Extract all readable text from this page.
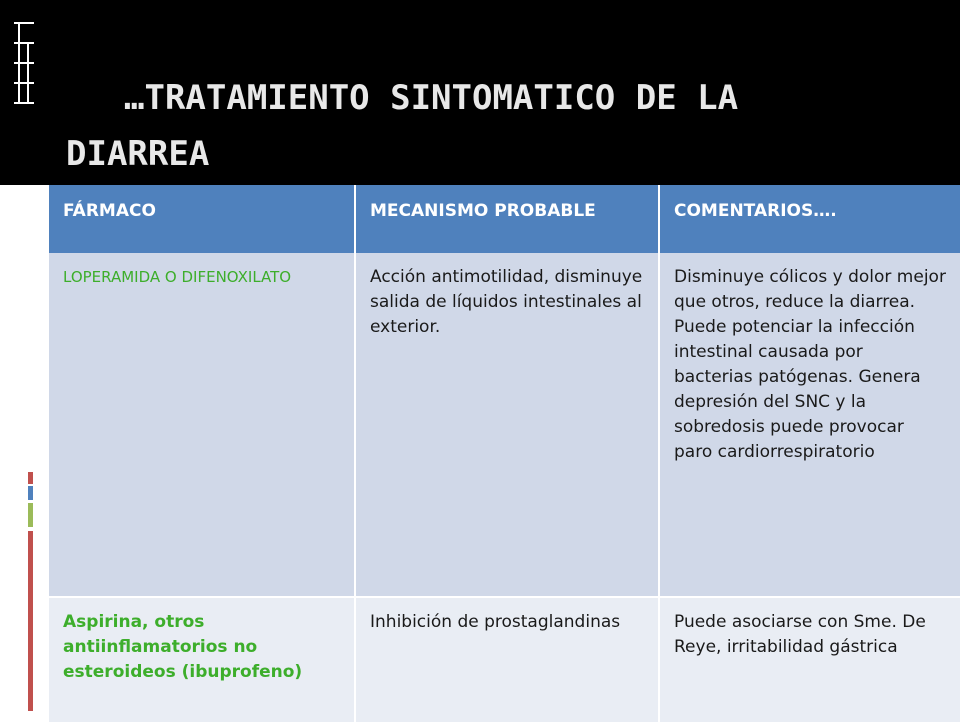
…TRATAMIENTO SINTOMATICO DE LA
DIARREA
FÁRMACO	MECANISMO PROBABLE	COMENTARIOS….
LOPERAMIDA O DIFENOXILATO	Acción antimotilidad, disminuye salida de líquidos intestinales al exterior.	Disminuye cólicos y dolor mejor que otros, reduce la diarrea. Puede potenciar la infección intestinal causada por bacterias patógenas. Genera depresión del SNC y la sobredosis puede provocar paro cardiorrespiratorio
Aspirina, otros antiinflamatorios no esteroideos (ibuprofeno)	Inhibición de prostaglandinas	Puede asociarse con Sme. De Reye, irritabilidad gástrica
